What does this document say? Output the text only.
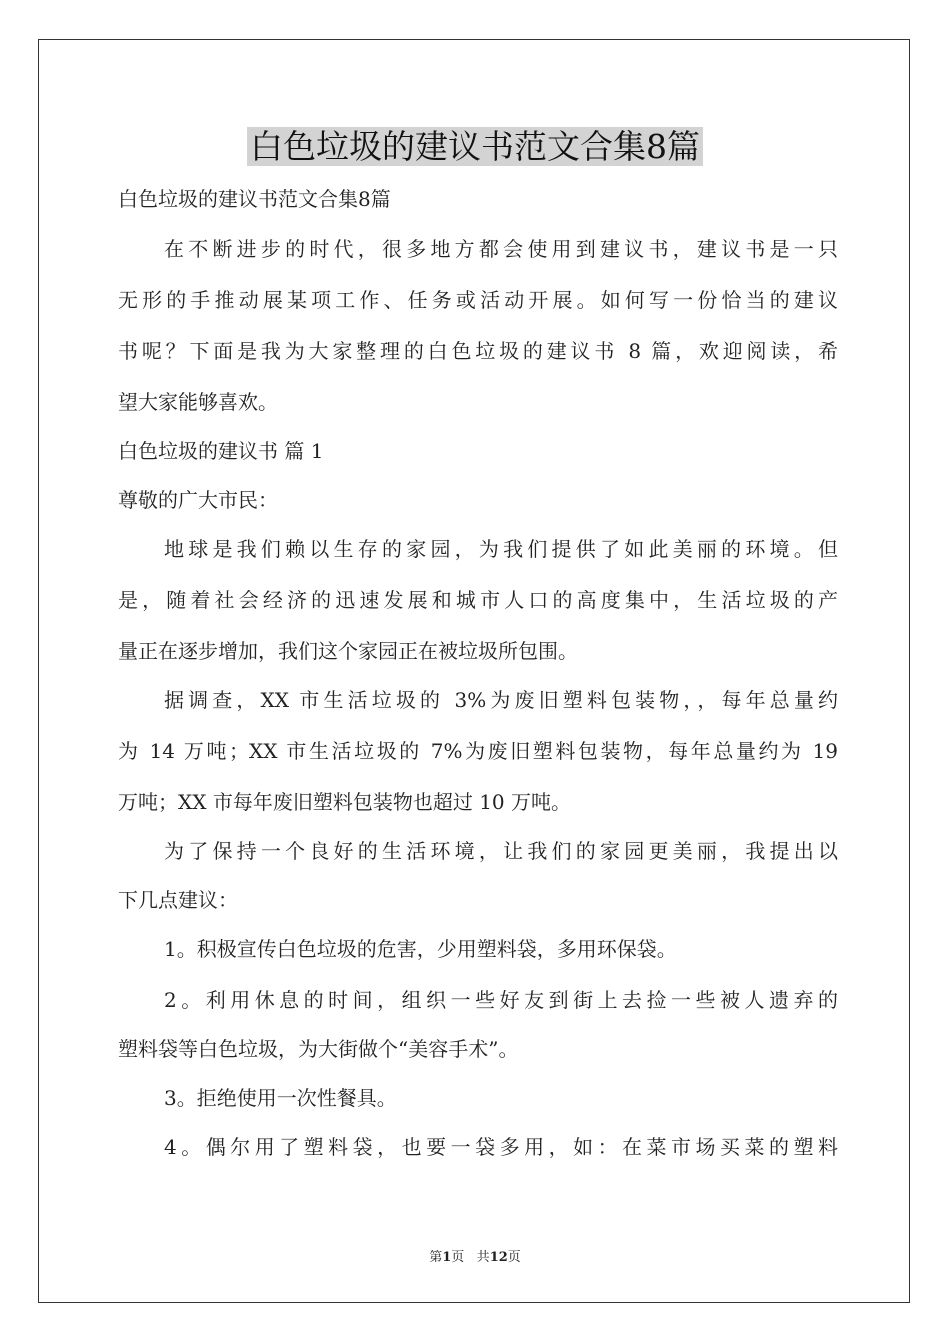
白色垃圾的建议书范文合集8篇
白色垃圾的建议书范文合集8篇
在不断进步的时代，很多地方都会使用到建议书，建议书是一只
无形的手推动展某项工作、任务或活动开展。如何写一份恰当的建议
书呢？下面是我为大家整理的白色垃圾的建议书 8 篇，欢迎阅读，希
望大家能够喜欢。
白色垃圾的建议书 篇 1
尊敬的广大市民：
地球是我们赖以生存的家园，为我们提供了如此美丽的环境。但
是，随着社会经济的迅速发展和城市人口的高度集中，生活垃圾的产
量正在逐步增加，我们这个家园正在被垃圾所包围。
据调查，XX 市生活垃圾的 3%为废旧塑料包装物，，每年总量约
为 14 万吨；XX 市生活垃圾的 7%为废旧塑料包装物，每年总量约为 19
万吨；XX 市每年废旧塑料包装物也超过 10 万吨。
为了保持一个良好的生活环境，让我们的家园更美丽，我提出以
下几点建议：
1。积极宣传白色垃圾的危害，少用塑料袋，多用环保袋。
2。利用休息的时间，组织一些好友到街上去捡一些被人遗弃的
塑料袋等白色垃圾，为大街做个“美容手术”。
3。拒绝使用一次性餐具。
4。偶尔用了塑料袋，也要一袋多用，如：在菜市场买菜的塑料
第1页 共12页
